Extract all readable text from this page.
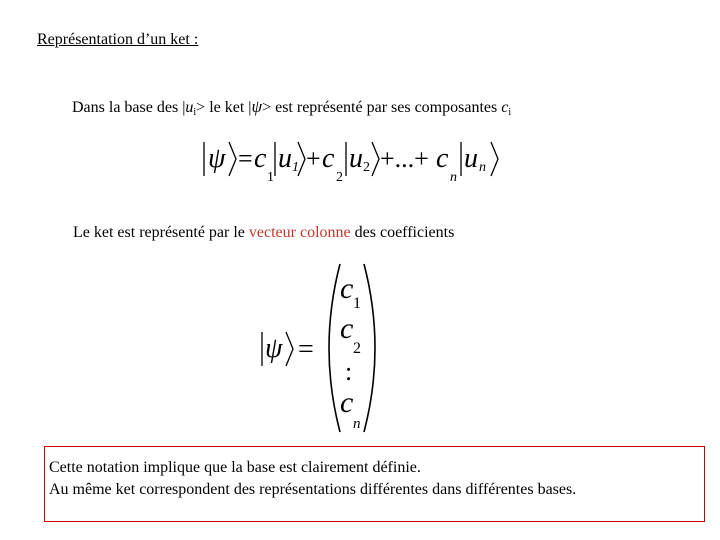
Représentation d’un ket :
Dans la base des $|u_i>$ le ket |ψ> est représenté par ses composantes $c_i$
ψ = c
1
u 1 + c
2
u 2 +...+ c
n
u n
Le ket est représenté par le vecteur colonne des coefficients
ψ =
c 1
c
2
:
c
n
Cette notation implique que la base est clairement définie.
Au même ket correspondent des représentations différentes dans différentes bases.
